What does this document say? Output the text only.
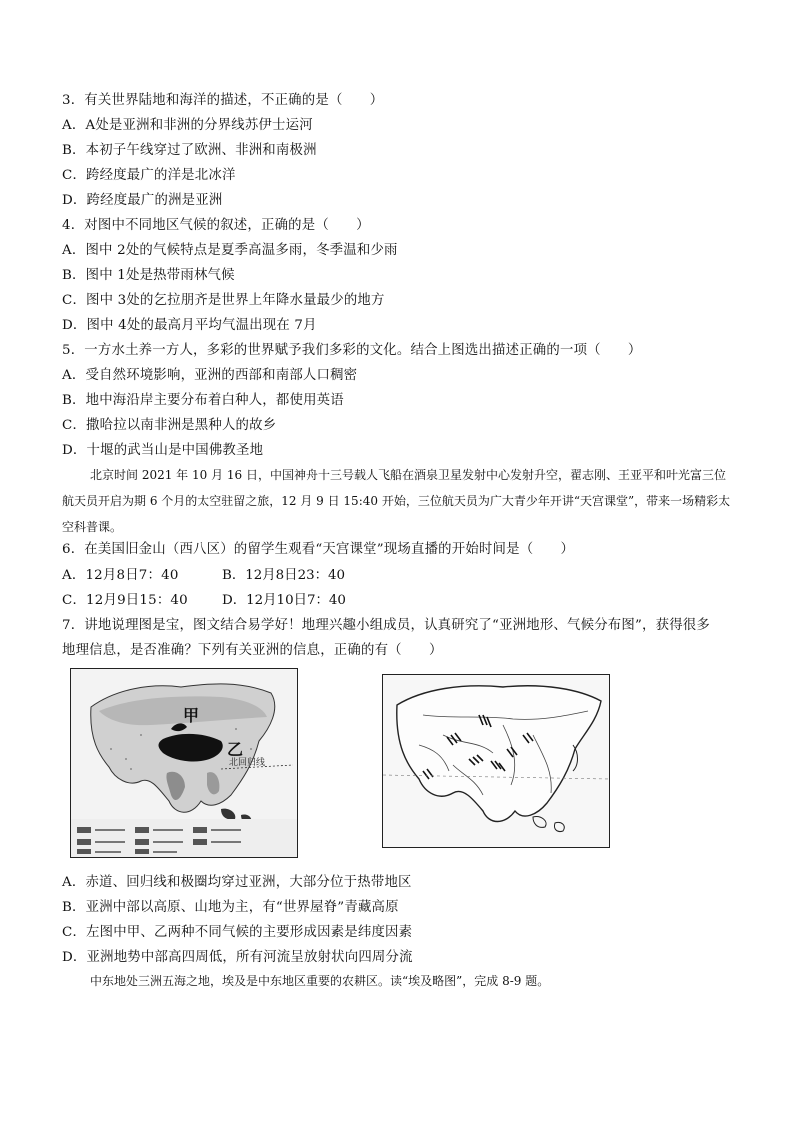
3．有关世界陆地和海洋的描述，不正确的是（　　）
A．A处是亚洲和非洲的分界线苏伊士运河
B．本初子午线穿过了欧洲、非洲和南极洲
C．跨经度最广的洋是北冰洋
D．跨经度最广的洲是亚洲
4．对图中不同地区气候的叙述，正确的是（　　）
A．图中 2处的气候特点是夏季高温多雨，冬季温和少雨
B．图中 1处是热带雨林气候
C．图中 3处的乞拉朋齐是世界上年降水量最少的地方
D．图中 4处的最高月平均气温出现在 7月
5．一方水土养一方人，多彩的世界赋予我们多彩的文化。结合上图选出描述正确的一项（　　）
A．受自然环境影响，亚洲的西部和南部人口稠密
B．地中海沿岸主要分布着白种人，都使用英语
C．撒哈拉以南非洲是黑种人的故乡
D．十堰的武当山是中国佛教圣地
北京时间 2021 年 10 月 16 日，中国神舟十三号载人飞船在酒泉卫星发射中心发射升空，翟志刚、王亚平和叶光富三位航天员开启为期 6 个月的太空驻留之旅，12 月 9 日 15:40 开始，三位航天员为广大青少年开讲“天宫课堂”，带来一场精彩太空科普课。
6．在美国旧金山（西八区）的留学生观看“天宫课堂”现场直播的开始时间是（　　）
A．12月8日7：40	B．12月8日23：40
C．12月9日15：40	D．12月10日7：40
7．讲地说理图是宝，图文结合易学好！地理兴趣小组成员，认真研究了“亚洲地形、气候分布图”，获得很多
地理信息，是否准确？下列有关亚洲的信息，正确的有（　　）
甲
乙
北回归线
A．赤道、回归线和极圈均穿过亚洲，大部分位于热带地区
B．亚洲中部以高原、山地为主，有“世界屋脊”青藏高原
C．左图中甲、乙两种不同气候的主要形成因素是纬度因素
D．亚洲地势中部高四周低，所有河流呈放射状向四周分流
中东地处三洲五海之地，埃及是中东地区重要的农耕区。读“埃及略图”，完成 8-9 题。
